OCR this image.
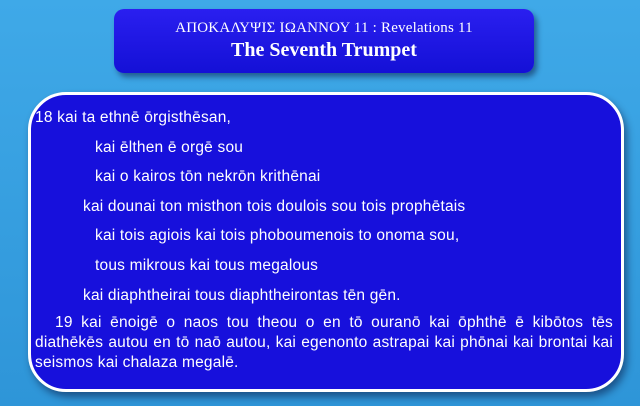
ΑΠΟΚΑΛΥΨΙΣ ΙΩΑΝΝΟΥ 11 : Revelations 11
The Seventh Trumpet
18 kai ta ethnē ōrgisthēsan,
kai ēlthen ē orgē sou
kai o kairos tōn nekrōn krithēnai
kai dounai ton misthon tois doulois sou tois prophētais
kai tois agiois kai tois phoboumenois to onoma sou,
tous mikrous kai tous megalous
kai diaphtheirai tous diaphtheirontas tēn gēn.
19 kai ēnoigē o naos tou theou o en tō ouranō kai ōphthē ē kibōtos tēs diathēkēs autou en tō naō autou, kai egenonto astrapai kai phōnai kai brontai kai seismos kai chalaza megalē.
